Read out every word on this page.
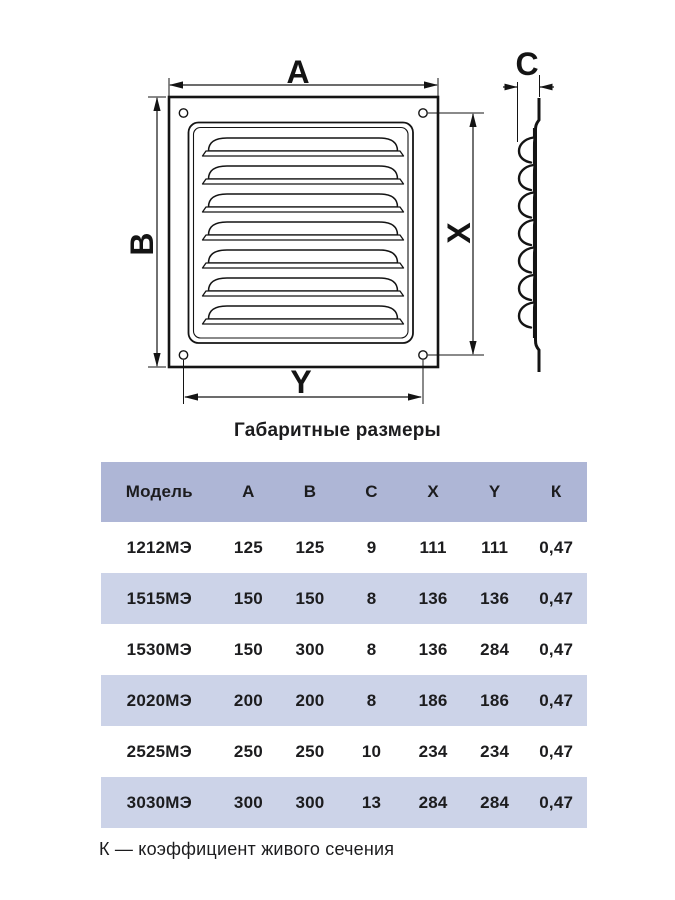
A
B	X
Y
C
Габаритные размеры
Модель	А	В	С	Х	Y	К
1212МЭ	125	125	9	111	111	0,47
1515МЭ	150	150	8	136	136	0,47
1530МЭ	150	300	8	136	284	0,47
2020МЭ	200	200	8	186	186	0,47
2525МЭ	250	250	10	234	234	0,47
3030МЭ	300	300	13	284	284	0,47
К — коэффициент живого сечения
